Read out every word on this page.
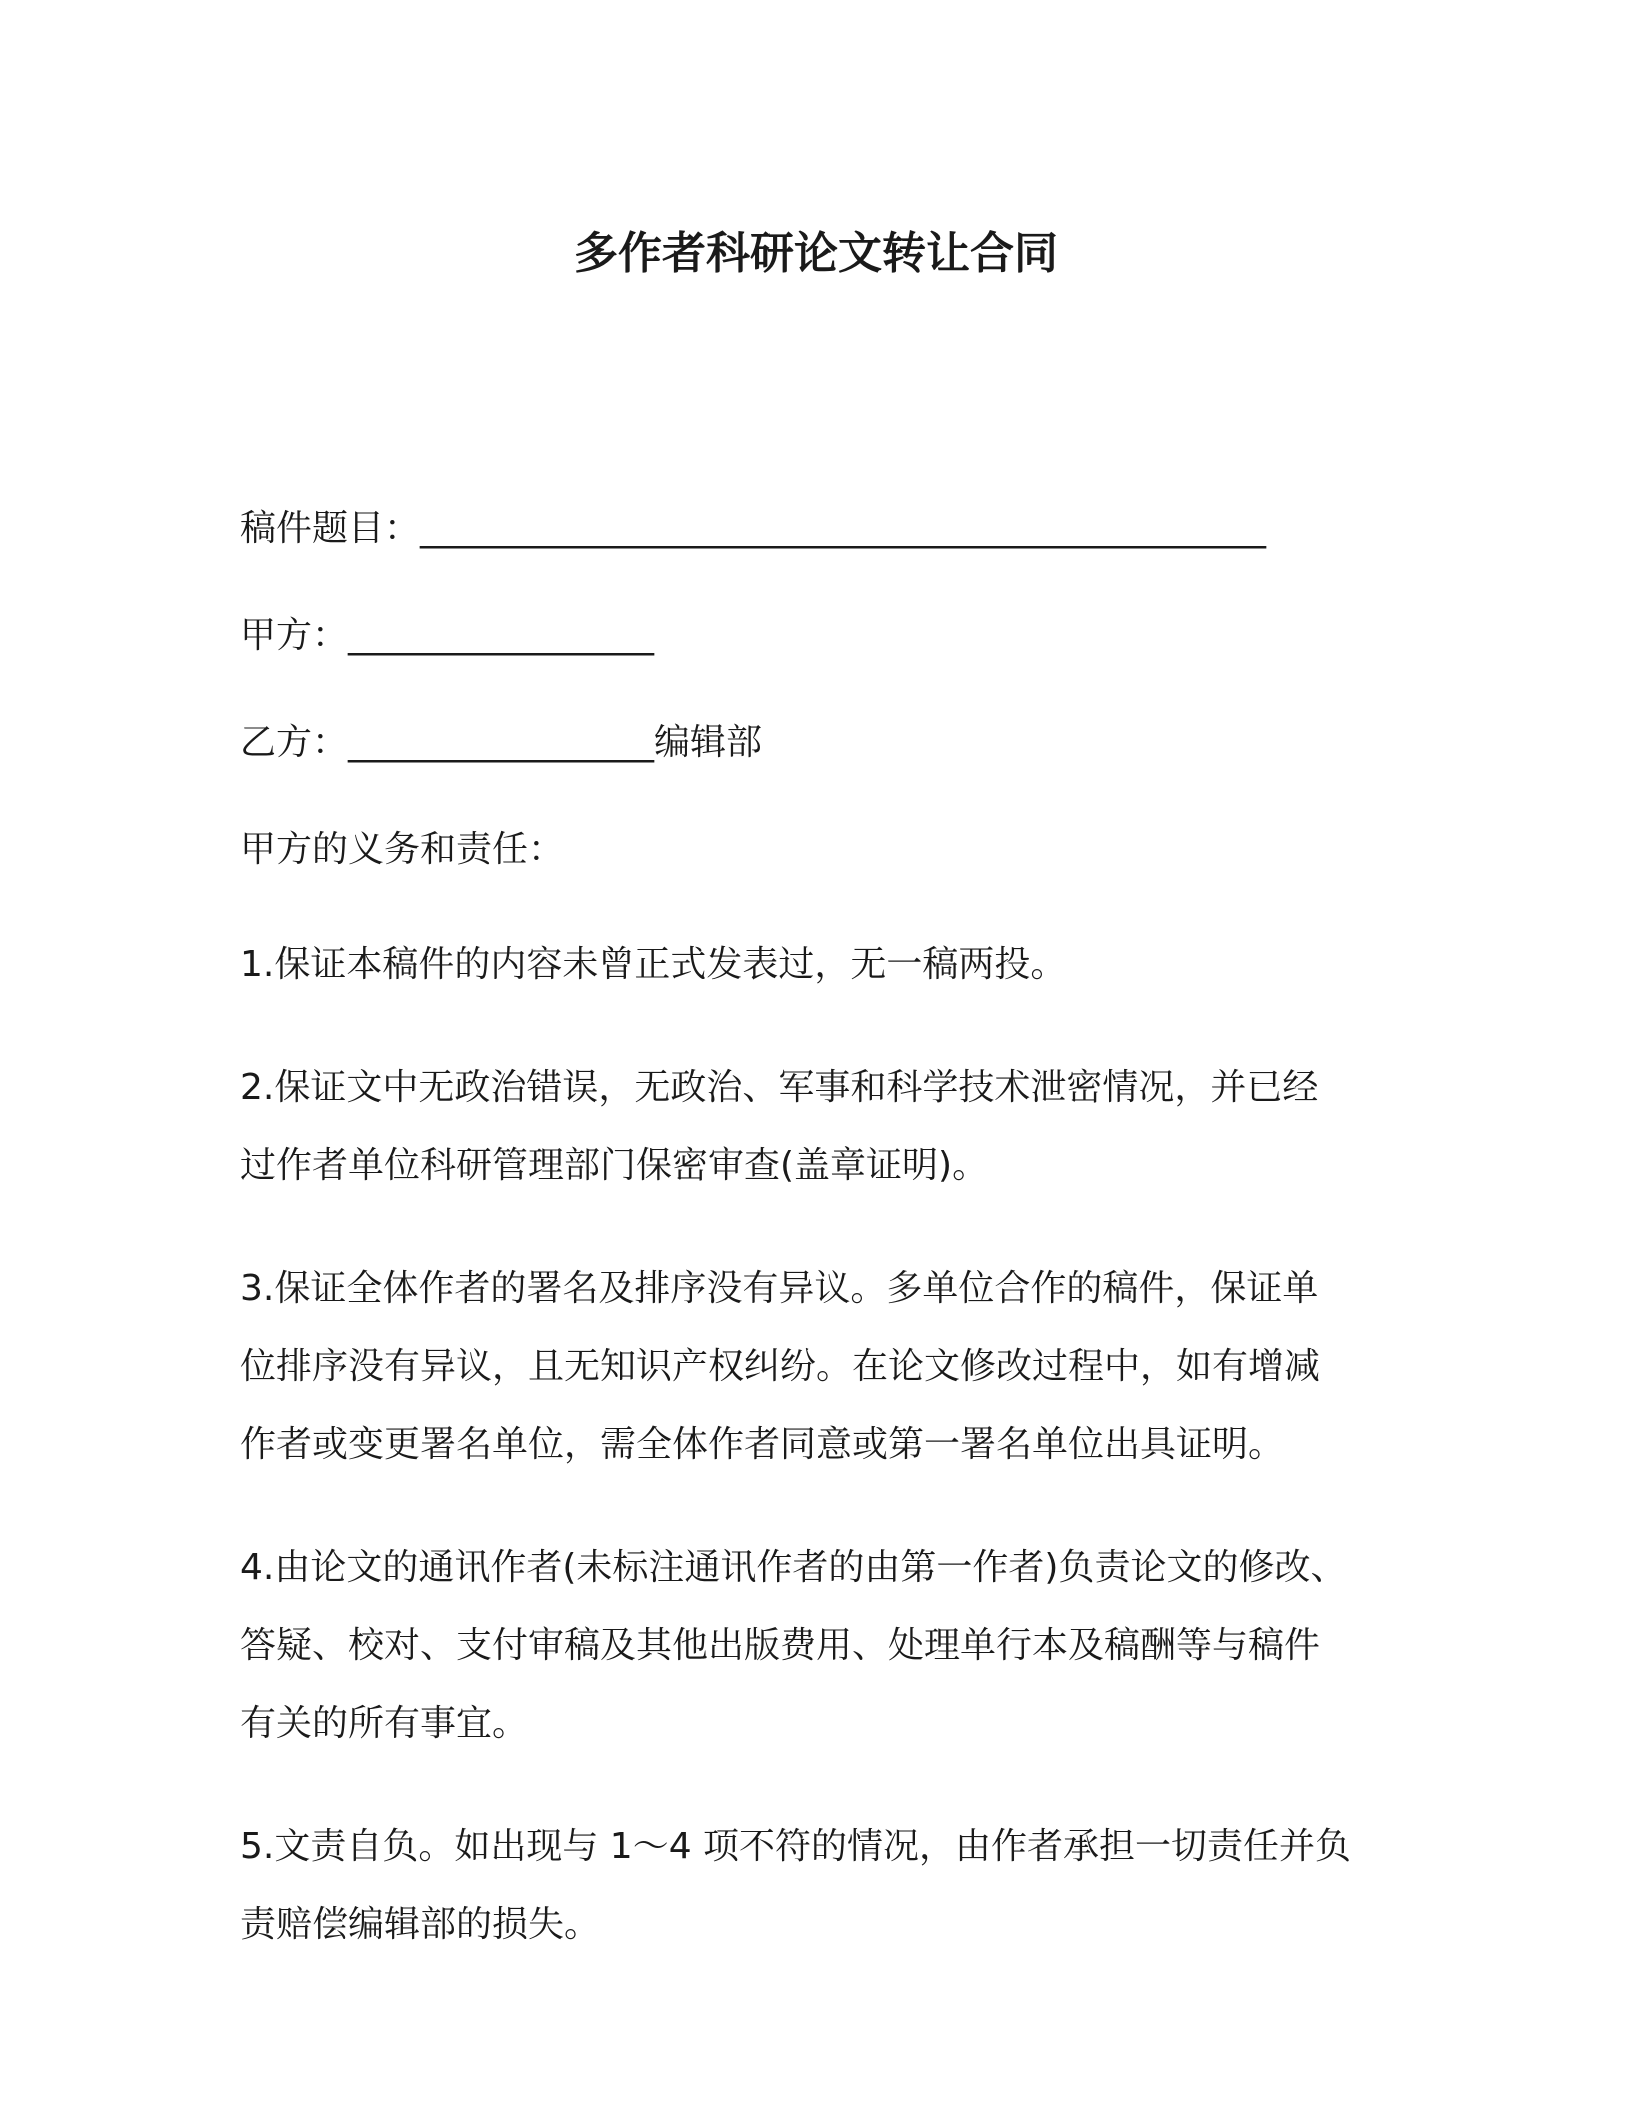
多作者科研论文转让合同
稿件题目：_______________________________________________
甲方：_________________
乙方：_________________编辑部
甲方的义务和责任：
1.保证本稿件的内容未曾正式发表过，无一稿两投。
2.保证文中无政治错误，无政治、军事和科学技术泄密情况，并已经
过作者单位科研管理部门保密审查(盖章证明)。
3.保证全体作者的署名及排序没有异议。多单位合作的稿件，保证单
位排序没有异议，且无知识产权纠纷。在论文修改过程中，如有增减
作者或变更署名单位，需全体作者同意或第一署名单位出具证明。
4.由论文的通讯作者(未标注通讯作者的由第一作者)负责论文的修改、
答疑、校对、支付审稿及其他出版费用、处理单行本及稿酬等与稿件
有关的所有事宜。
5.文责自负。如出现与 1～4 项不符的情况，由作者承担一切责任并负
责赔偿编辑部的损失。
